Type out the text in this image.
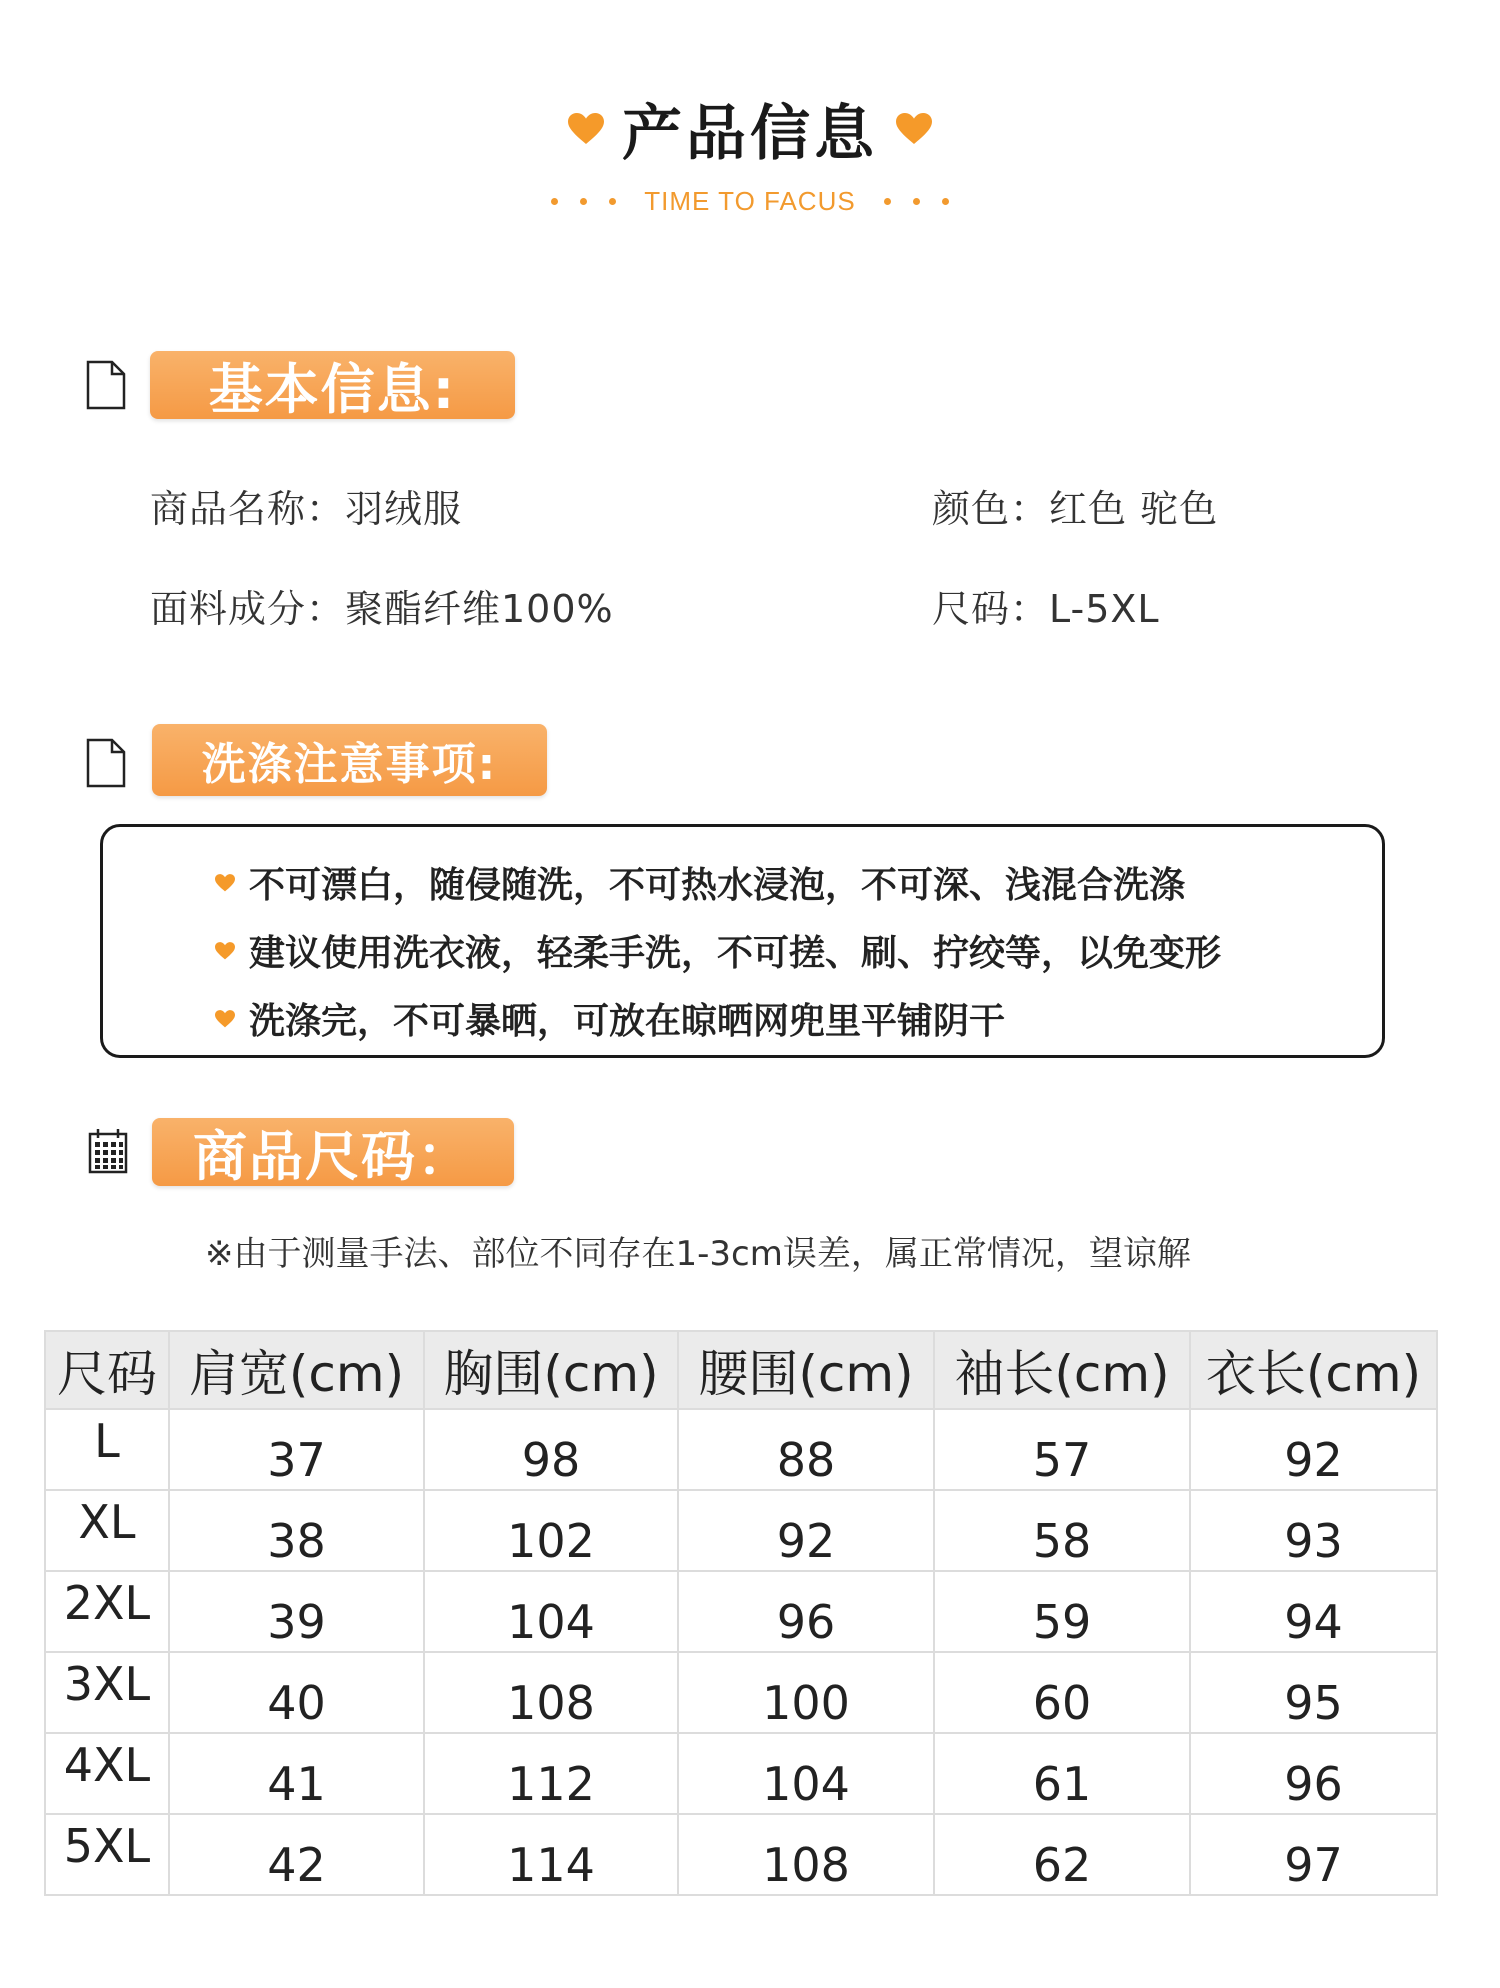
产品信息
TIME TO FACUS
基本信息:
商品名称：羽绒服	颜色：红色 驼色
面料成分：聚酯纤维100%	尺码：L-5XL
洗涤注意事项:
不可漂白，随侵随洗，不可热水浸泡，不可深、浅混合洗涤
建议使用洗衣液，轻柔手洗，不可搓、刷、拧绞等，以免变形
洗涤完，不可暴晒，可放在晾晒网兜里平铺阴干
商品尺码：
※由于测量手法、部位不同存在1-3cm误差，属正常情况，望谅解
尺码	肩宽(cm)	胸围(cm)	腰围(cm)	袖长(cm)	衣长(cm)
L	37	98	88	57	92
XL	38	102	92	58	93
2XL	39	104	96	59	94
3XL	40	108	100	60	95
4XL	41	112	104	61	96
5XL	42	114	108	62	97
